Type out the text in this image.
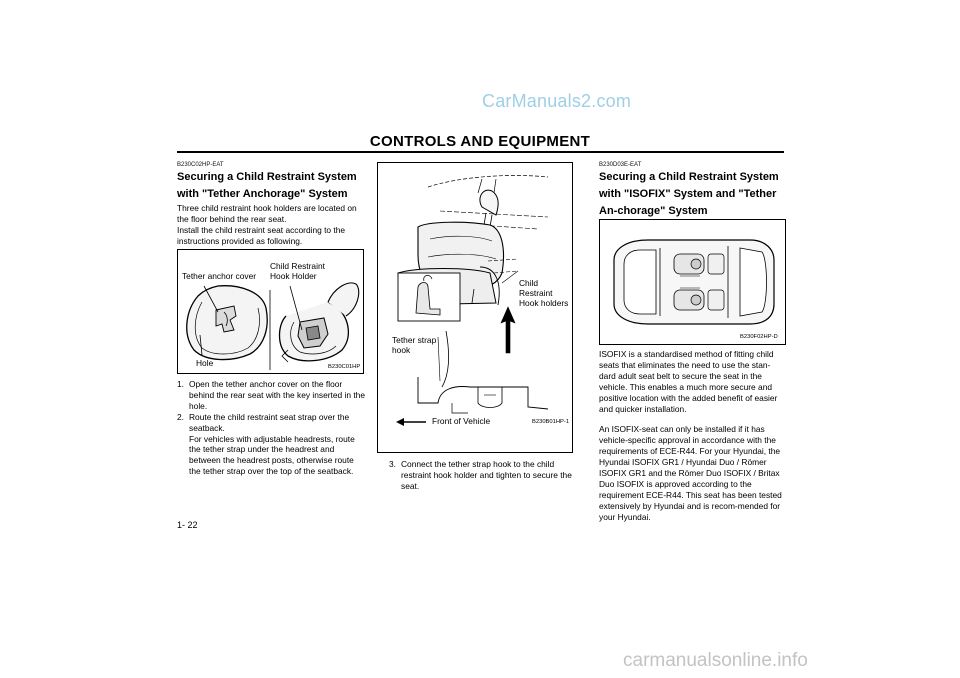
CarManuals2.com
CONTROLS AND EQUIPMENT
B230C02HP-EAT
Securing a Child Restraint System with "Tether Anchorage" System
Three child restraint hook holders are located on the floor behind the rear seat.
Install the child restraint seat according to the instructions provided as following.
Tether anchor cover
Child Restraint
Hook Holder
Hole	B230C01HP
1. Open the tether anchor cover on the floor behind the rear seat with the key inserted in the hole.
2. Route the child restraint seat strap over the seatback.
For vehicles with adjustable headrests, route the tether strap under the headrest and between the headrest posts, otherwise route the tether strap over the top of the seatback.
Child
Restraint
Hook holders
Tether strap
hook
Front of Vehicle	B230B01HP-1
3. Connect the tether strap hook to the child restraint hook holder and tighten to secure the seat.
B230D03E-EAT
Securing a Child Restraint System with "ISOFIX" System and "Tether An-chorage" System
B230F02HP-D
ISOFIX is a standardised method of fitting child seats that eliminates the need to use the stan-dard adult seat belt to secure the seat in the vehicle. This enables a much more secure and positive location with the added benefit of easier and quicker installation.
An ISOFIX-seat can only be installed if it has vehicle-specific approval in accordance with the requirements of ECE-R44. For your Hyundai, the Hyundai ISOFIX GR1 / Hyundai Duo / Römer ISOFIX GR1 and the Römer Duo ISOFIX / Britax Duo ISOFIX is approved according to the requirement ECE-R44. This seat has been tested extensively by Hyundai and is recom-mended for your Hyundai.
1- 22
carmanualsonline.info
